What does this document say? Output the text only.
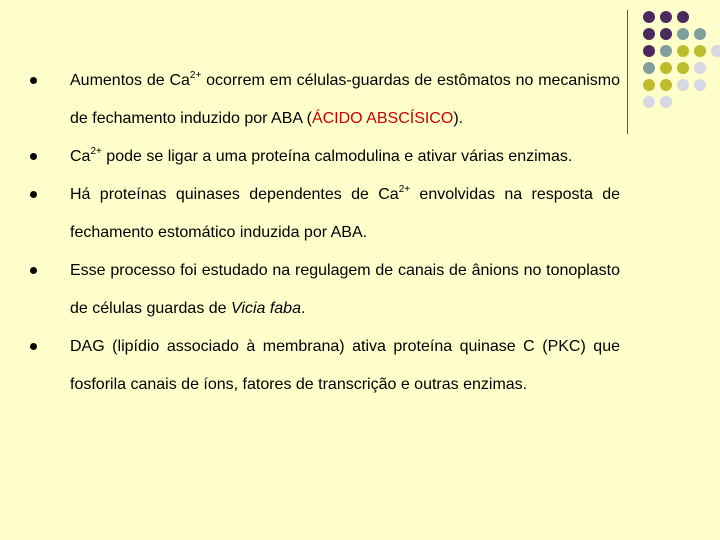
Aumentos de $Ca^{2+}$ ocorrem em células-guardas de estômatos no mecanismo de fechamento induzido por ABA (ÁCIDO ABSCÍSICO).
$Ca^{2+}$ pode se ligar a uma proteína calmodulina e ativar várias enzimas.
Há proteínas quinases dependentes de $Ca^{2+}$ envolvidas na resposta de fechamento estomático induzida por ABA.
Esse processo foi estudado na regulagem de canais de ânions no tonoplasto de células guardas de Vicia faba.
DAG (lipídio associado à membrana) ativa proteína quinase C (PKC) que fosforila canais de íons, fatores de transcrição e outras enzimas.
